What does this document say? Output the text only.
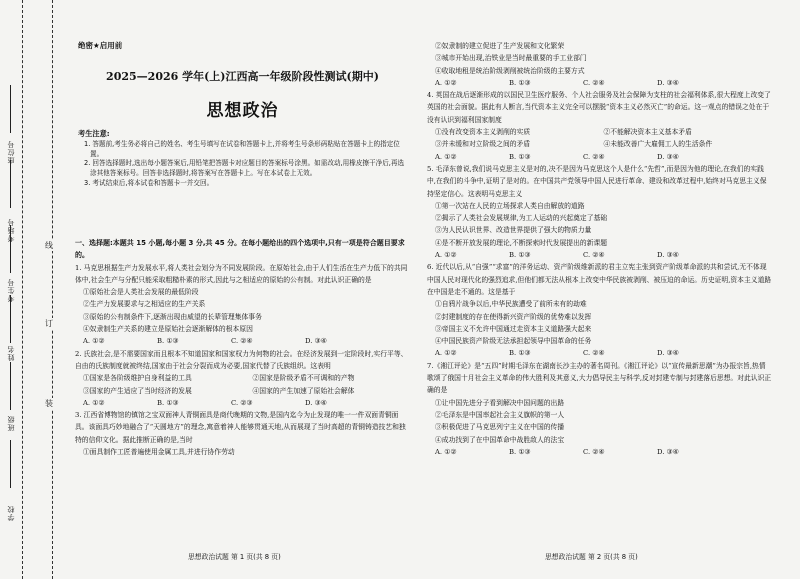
座位号
考场号
考生号
姓名
班级
学校
线
订
装
绝密★启用前
2025—2026 学年(上)江西高一年级阶段性测试(期中)
思想政治
考生注意:

1. 答题前,考生务必将自己的姓名、考生号填写在试卷和答题卡上,并将考生号条形码粘贴在答题卡上的指定位置。

2. 回答选择题时,选出每小题答案后,用铅笔把答题卡对应题目的答案标号涂黑。如需改动,用橡皮擦干净后,再选涂其他答案标号。回答非选择题时,将答案写在答题卡上。写在本试卷上无效。

3. 考试结束后,将本试卷和答题卡一并交回。

一、选择题:本题共 15 小题,每小题 3 分,共 45 分。在每小题给出的四个选项中,只有一项是符合题目要求的。

1. 马克思根据生产力发展水平,将人类社会划分为不同发展阶段。在原始社会,由于人们生活在生产力低下的共同体中,社会生产与分配只能采取粗糙朴素的形式,因此与之相适应的原始的公有制。对此认识正确的是

①原始社会是人类社会发展的最低阶段

②生产力发展要求与之相适应的生产关系

③原始的公有制条件下,逐渐出现由威望的长辈管理集体事务

④奴隶制生产关系的建立是原始社会逐渐解体的根本原因

A. ①②	B. ①③	C. ②④	D. ③④

2. 氏族社会,是不需要国家而且根本不知道国家和国家权力为何物的社会。在经济发展到一定阶段时,实行平等、自由的氏族制度就被终结,国家由于社会分裂而成为必要,国家代替了氏族组织。这表明

①国家是各阶级维护自身利益的工具	②国家是阶级矛盾不可调和的产物
③国家的产生适应了当时经济的发展	④国家的产生加速了原始社会解体
A. ①②	B. ①③	C. ②③	D. ③④

3. 江西省博物馆的镇馆之宝双面神人青铜面具是商代晚期的文物,是国内迄今为止发现的唯一一件双面青铜面具。该面具巧妙地融合了“天圆地方”的理念,寓意着神人能够贯通天地,从而展现了当时高超的青铜铸造技艺和独特的信仰文化。据此推断正确的是,当时

①面具制作工匠普遍使用金属工具,并进行协作劳动

②奴隶制的建立促进了生产发展和文化繁荣

③城市开始出现,治铁业是当时最重要的手工业部门

④收取地租是统治阶级剥削被统治阶级的主要方式

A. ①②	B. ①③	C. ②④	D. ③④

4. 英国在战后逐渐形成的以国民卫生医疗服务、个人社会服务及社会保障为支柱的社会福利体系,很大程度上改变了英国的社会面貌。据此有人断言,当代资本主义完全可以摆脱“资本主义必然灭亡”的命运。这一观点的错误之处在于没有认识到福利国家制度

①没有改变资本主义剥削的实质	②不能解决资本主义基本矛盾
③并未缓和对立阶级之间的矛盾	④未能改善广大雇佣工人的生活条件
A. ①②	B. ①③	C. ②④	D. ③④

5. 毛泽东曾说,我们说马克思主义是对的,决不是因为马克思这个人是什么“先哲”,而是因为他的理论,在我们的实践中,在我们的斗争中,证明了是对的。在中国共产党领导中国人民进行革命、建设和改革过程中,始终对马克思主义保持坚定信心。这表明马克思主义

①第一次站在人民的立场探求人类自由解放的道路

②揭示了人类社会发展规律,为工人运动的兴起奠定了基础

③为人民认识世界、改造世界提供了强大的物质力量

④是不断开放发展的理论,不断探索时代发展提出的新课题

A. ①②	B. ①③	C. ②④	D. ③④

6. 近代以后,从“自强”“求富”的洋务运动、资产阶级维新派的君主立宪主张到资产阶级革命派的共和尝试,无不体现中国人民对现代化的强烈追求,但他们都无法从根本上改变中华民族被剥削、被压迫的命运。历史证明,资本主义道路在中国是走不通的。这是基于

①自鸦片战争以后,中华民族遭受了前所未有的劫难

②封建制度的存在使得新兴资产阶级的优势难以发挥

③帝国主义不允许中国通过走资本主义道路强大起来

④中国民族资产阶级无法承担起领导中国革命的任务

A. ①②	B. ①③	C. ②④	D. ③④

7.《湘江评论》是“五四”时期毛泽东在湖南长沙主办的著名周刊。《湘江评论》以“宣传最新思潮”为办报宗旨,热情歌颂了俄国十月社会主义革命的伟大胜利及其意义,大力倡导民主与科学,反对封建专制与封建落后思想。对此认识正确的是

①让中国先进分子看到解决中国问题的出路

②毛泽东是中国率起社会主义旗帜的第一人

③积极促进了马克思列宁主义在中国的传播

④成功找到了在中国革命中战胜敌人的法宝

A. ①②	B. ①③	C. ②④	D. ③④
思想政治试题 第 1 页(共 8 页)	思想政治试题 第 2 页(共 8 页)
